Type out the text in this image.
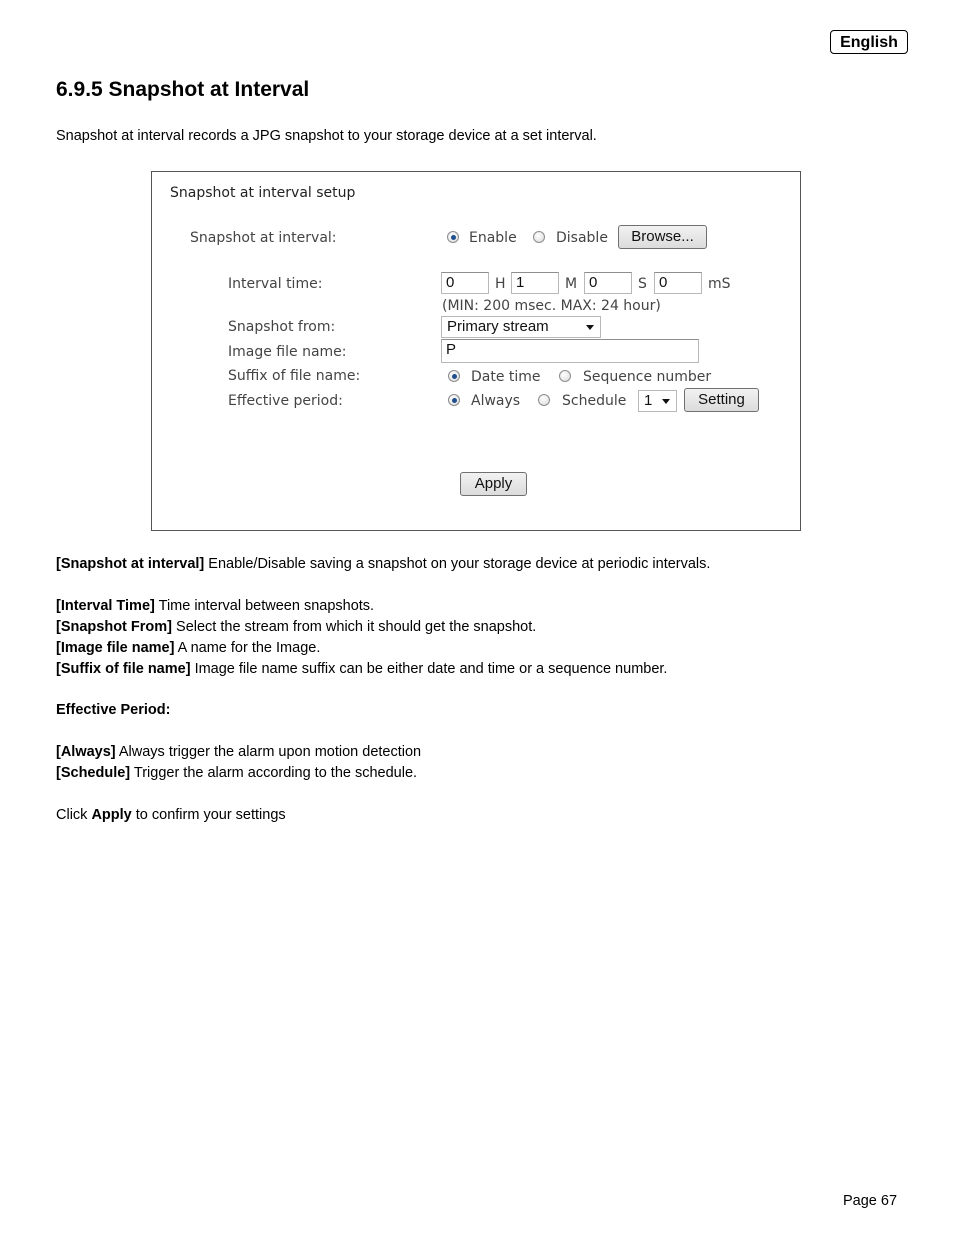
English
6.9.5 Snapshot at Interval
Snapshot at interval records a JPG snapshot to your storage device at a set interval.
Snapshot at interval setup
Snapshot at interval:	Enable	Disable	Browse...
Interval time:	0	H 1	M 0	S 0	mS
(MIN: 200 msec. MAX: 24 hour)
Snapshot from:	Primary stream
Image file name:	P
Suffix of file name:	Date time	Sequence number
Effective period:	Always	Schedule	1	Setting
Apply
[Snapshot at interval] Enable/Disable saving a snapshot on your storage device at periodic intervals.
[Interval Time] Time interval between snapshots.
[Snapshot From] Select the stream from which it should get the snapshot.
[Image file name] A name for the Image.
[Suffix of file name] Image file name suffix can be either date and time or a sequence number.
Effective Period:
[Always] Always trigger the alarm upon motion detection
[Schedule] Trigger the alarm according to the schedule.
Click Apply to confirm your settings
Page 67
